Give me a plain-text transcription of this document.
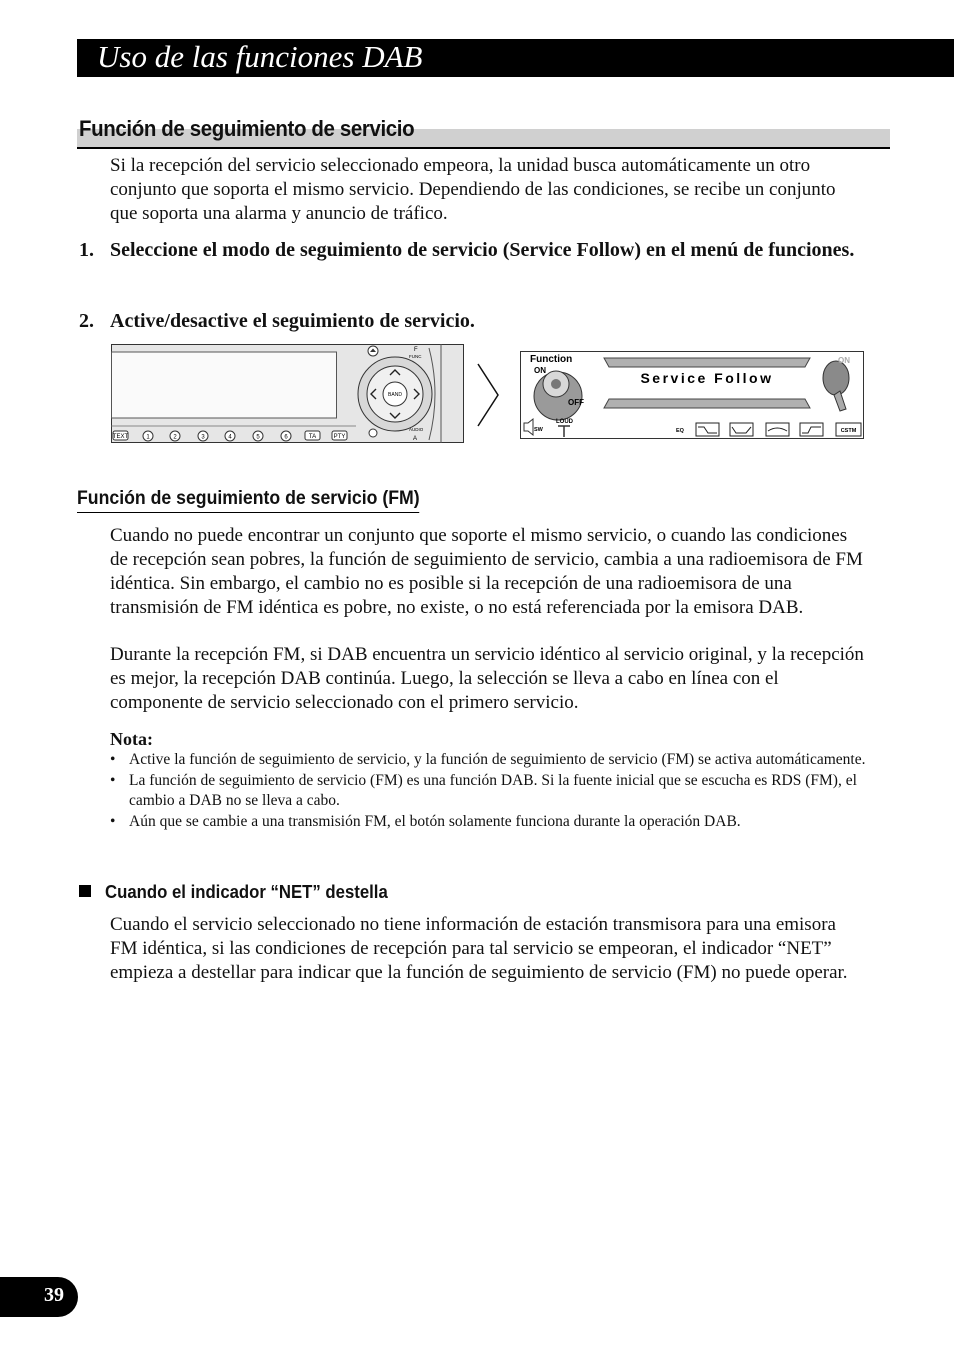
Uso de las funciones DAB
Función de seguimiento de servicio

Si la recepción del servicio seleccionado empeora, la unidad busca automáticamente un otro conjunto que soporta el mismo servicio. Dependiendo de las condiciones, se recibe un conjunto que soporta una alarma y anuncio de tráfico.

1. Seleccione el modo de seguimiento de servicio (Service Follow) en el menú de funciones.
2. Active/desactive el seguimiento de servicio.
TEXT	1	2	3	4	5	6	TA	PTY
BAND
F
FUNC
AUDIO
A
Function
Service Follow
ON
OFF
LOUD
SW
ON
EQ	CSTM
Función de seguimiento de servicio (FM)

Cuando no puede encontrar un conjunto que soporte el mismo servicio, o cuando las condiciones de recepción sean pobres, la función de seguimiento de servicio, cambia a una radioemisora de FM idéntica. Sin embargo, el cambio no es posible si la recepción de una radioemisora de una transmisión de FM idéntica es pobre, no existe, o no está referenciada por la emisora DAB.

Durante la recepción FM, si DAB encuentra un servicio idéntico al servicio original, y la recepción es mejor, la recepción DAB continúa. Luego, la selección se lleva a cabo en línea con el componente de servicio seleccionado con el primero servicio.

Nota:
• Active la función de seguimiento de servicio, y la función de seguimiento de servicio (FM) se activa automáticamente.
• La función de seguimiento de servicio (FM) es una función DAB. Si la fuente inicial que se escucha es RDS (FM), el cambio a DAB no se lleva a cabo.
• Aún que se cambie a una transmisión FM, el botón solamente funciona durante la operación DAB.
Cuando el indicador “NET” destella

Cuando el servicio seleccionado no tiene información de estación transmisora para una emisora FM idéntica, si las condiciones de recepción para tal servicio se empeoran, el indicador “NET” empieza a destellar para indicar que la función de seguimiento de servicio (FM) no puede operar.

39
